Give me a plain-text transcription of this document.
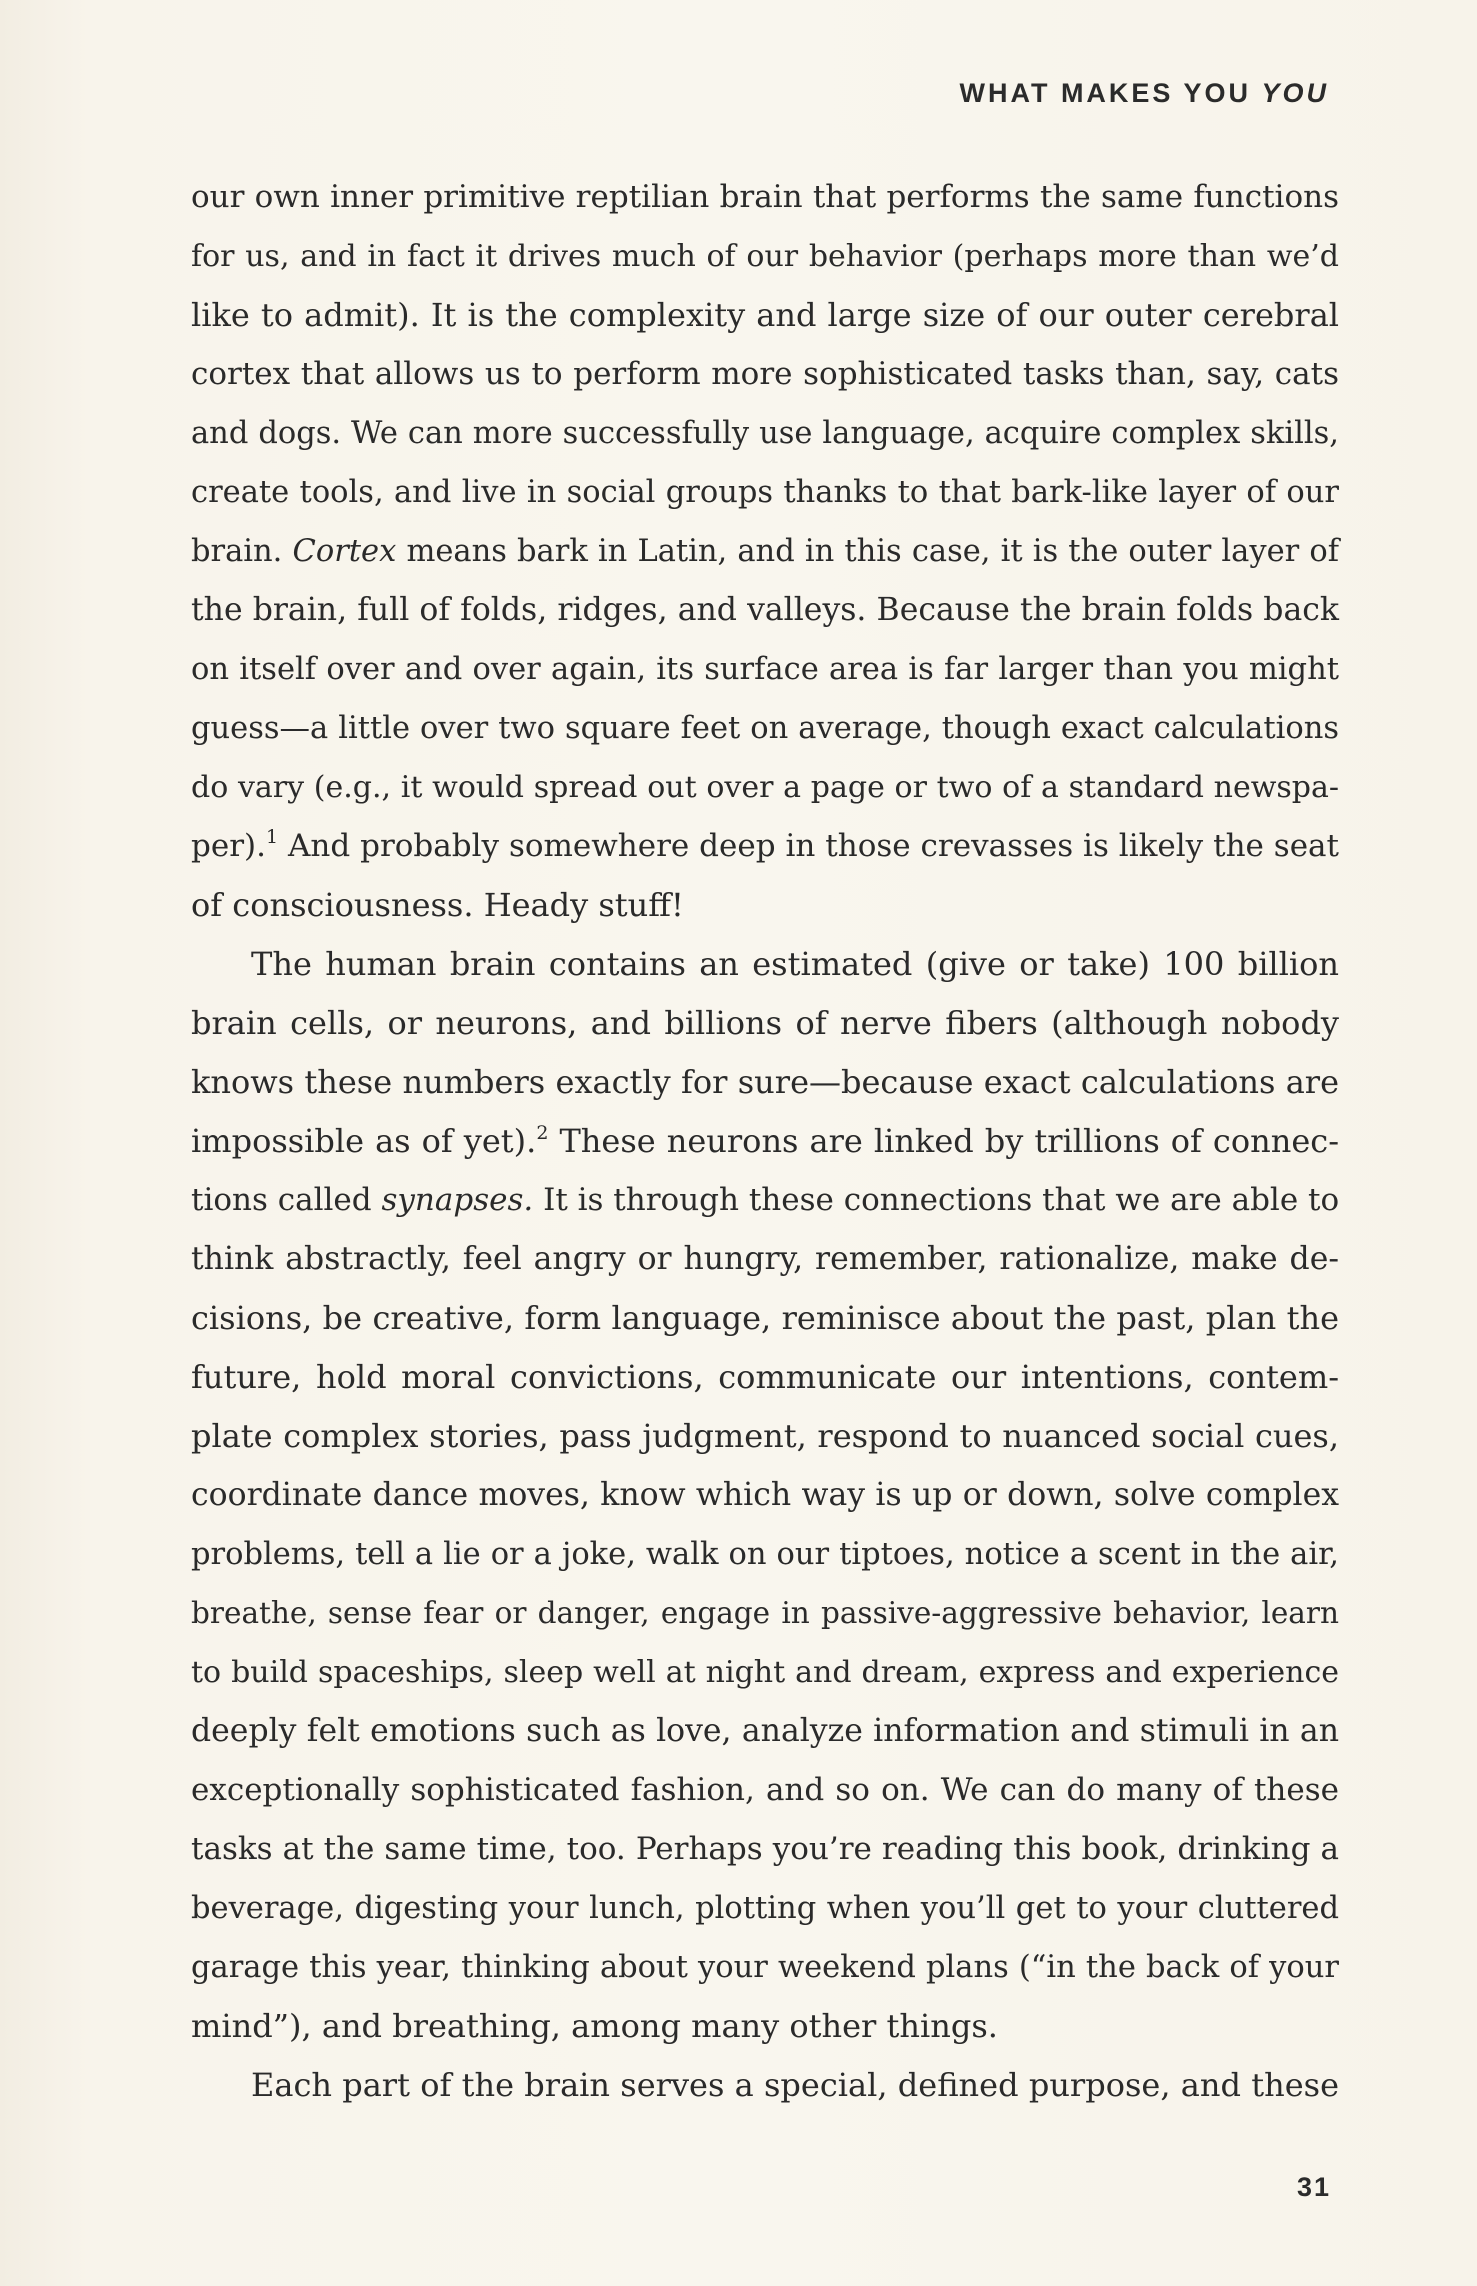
WHAT MAKES YOU YOU
our own inner primitive reptilian brain that performs the same functions
for us, and in fact it drives much of our behavior (perhaps more than we’d
like to admit). It is the complexity and large size of our outer cerebral
cortex that allows us to perform more sophisticated tasks than, say, cats
and dogs. We can more successfully use language, acquire complex skills,
create tools, and live in social groups thanks to that bark-like layer of our
brain. Cortex means bark in Latin, and in this case, it is the outer layer of
the brain, full of folds, ridges, and valleys. Because the brain folds back
on itself over and over again, its surface area is far larger than you might
guess—a little over two square feet on average, though exact calculations
do vary (e.g., it would spread out over a page or two of a standard newspa-
per).$^1$ And probably somewhere deep in those crevasses is likely the seat
of consciousness. Heady stuff!
The human brain contains an estimated (give or take) 100 billion
brain cells, or neurons, and billions of nerve fibers (although nobody
knows these numbers exactly for sure—because exact calculations are
impossible as of yet).$^2$ These neurons are linked by trillions of connec-
tions called synapses. It is through these connections that we are able to
think abstractly, feel angry or hungry, remember, rationalize, make de-
cisions, be creative, form language, reminisce about the past, plan the
future, hold moral convictions, communicate our intentions, contem-
plate complex stories, pass judgment, respond to nuanced social cues,
coordinate dance moves, know which way is up or down, solve complex
problems, tell a lie or a joke, walk on our tiptoes, notice a scent in the air,
breathe, sense fear or danger, engage in passive-aggressive behavior, learn
to build spaceships, sleep well at night and dream, express and experience
deeply felt emotions such as love, analyze information and stimuli in an
exceptionally sophisticated fashion, and so on. We can do many of these
tasks at the same time, too. Perhaps you’re reading this book, drinking a
beverage, digesting your lunch, plotting when you’ll get to your cluttered
garage this year, thinking about your weekend plans (“in the back of your
mind”), and breathing, among many other things.
Each part of the brain serves a special, defined purpose, and these
31
